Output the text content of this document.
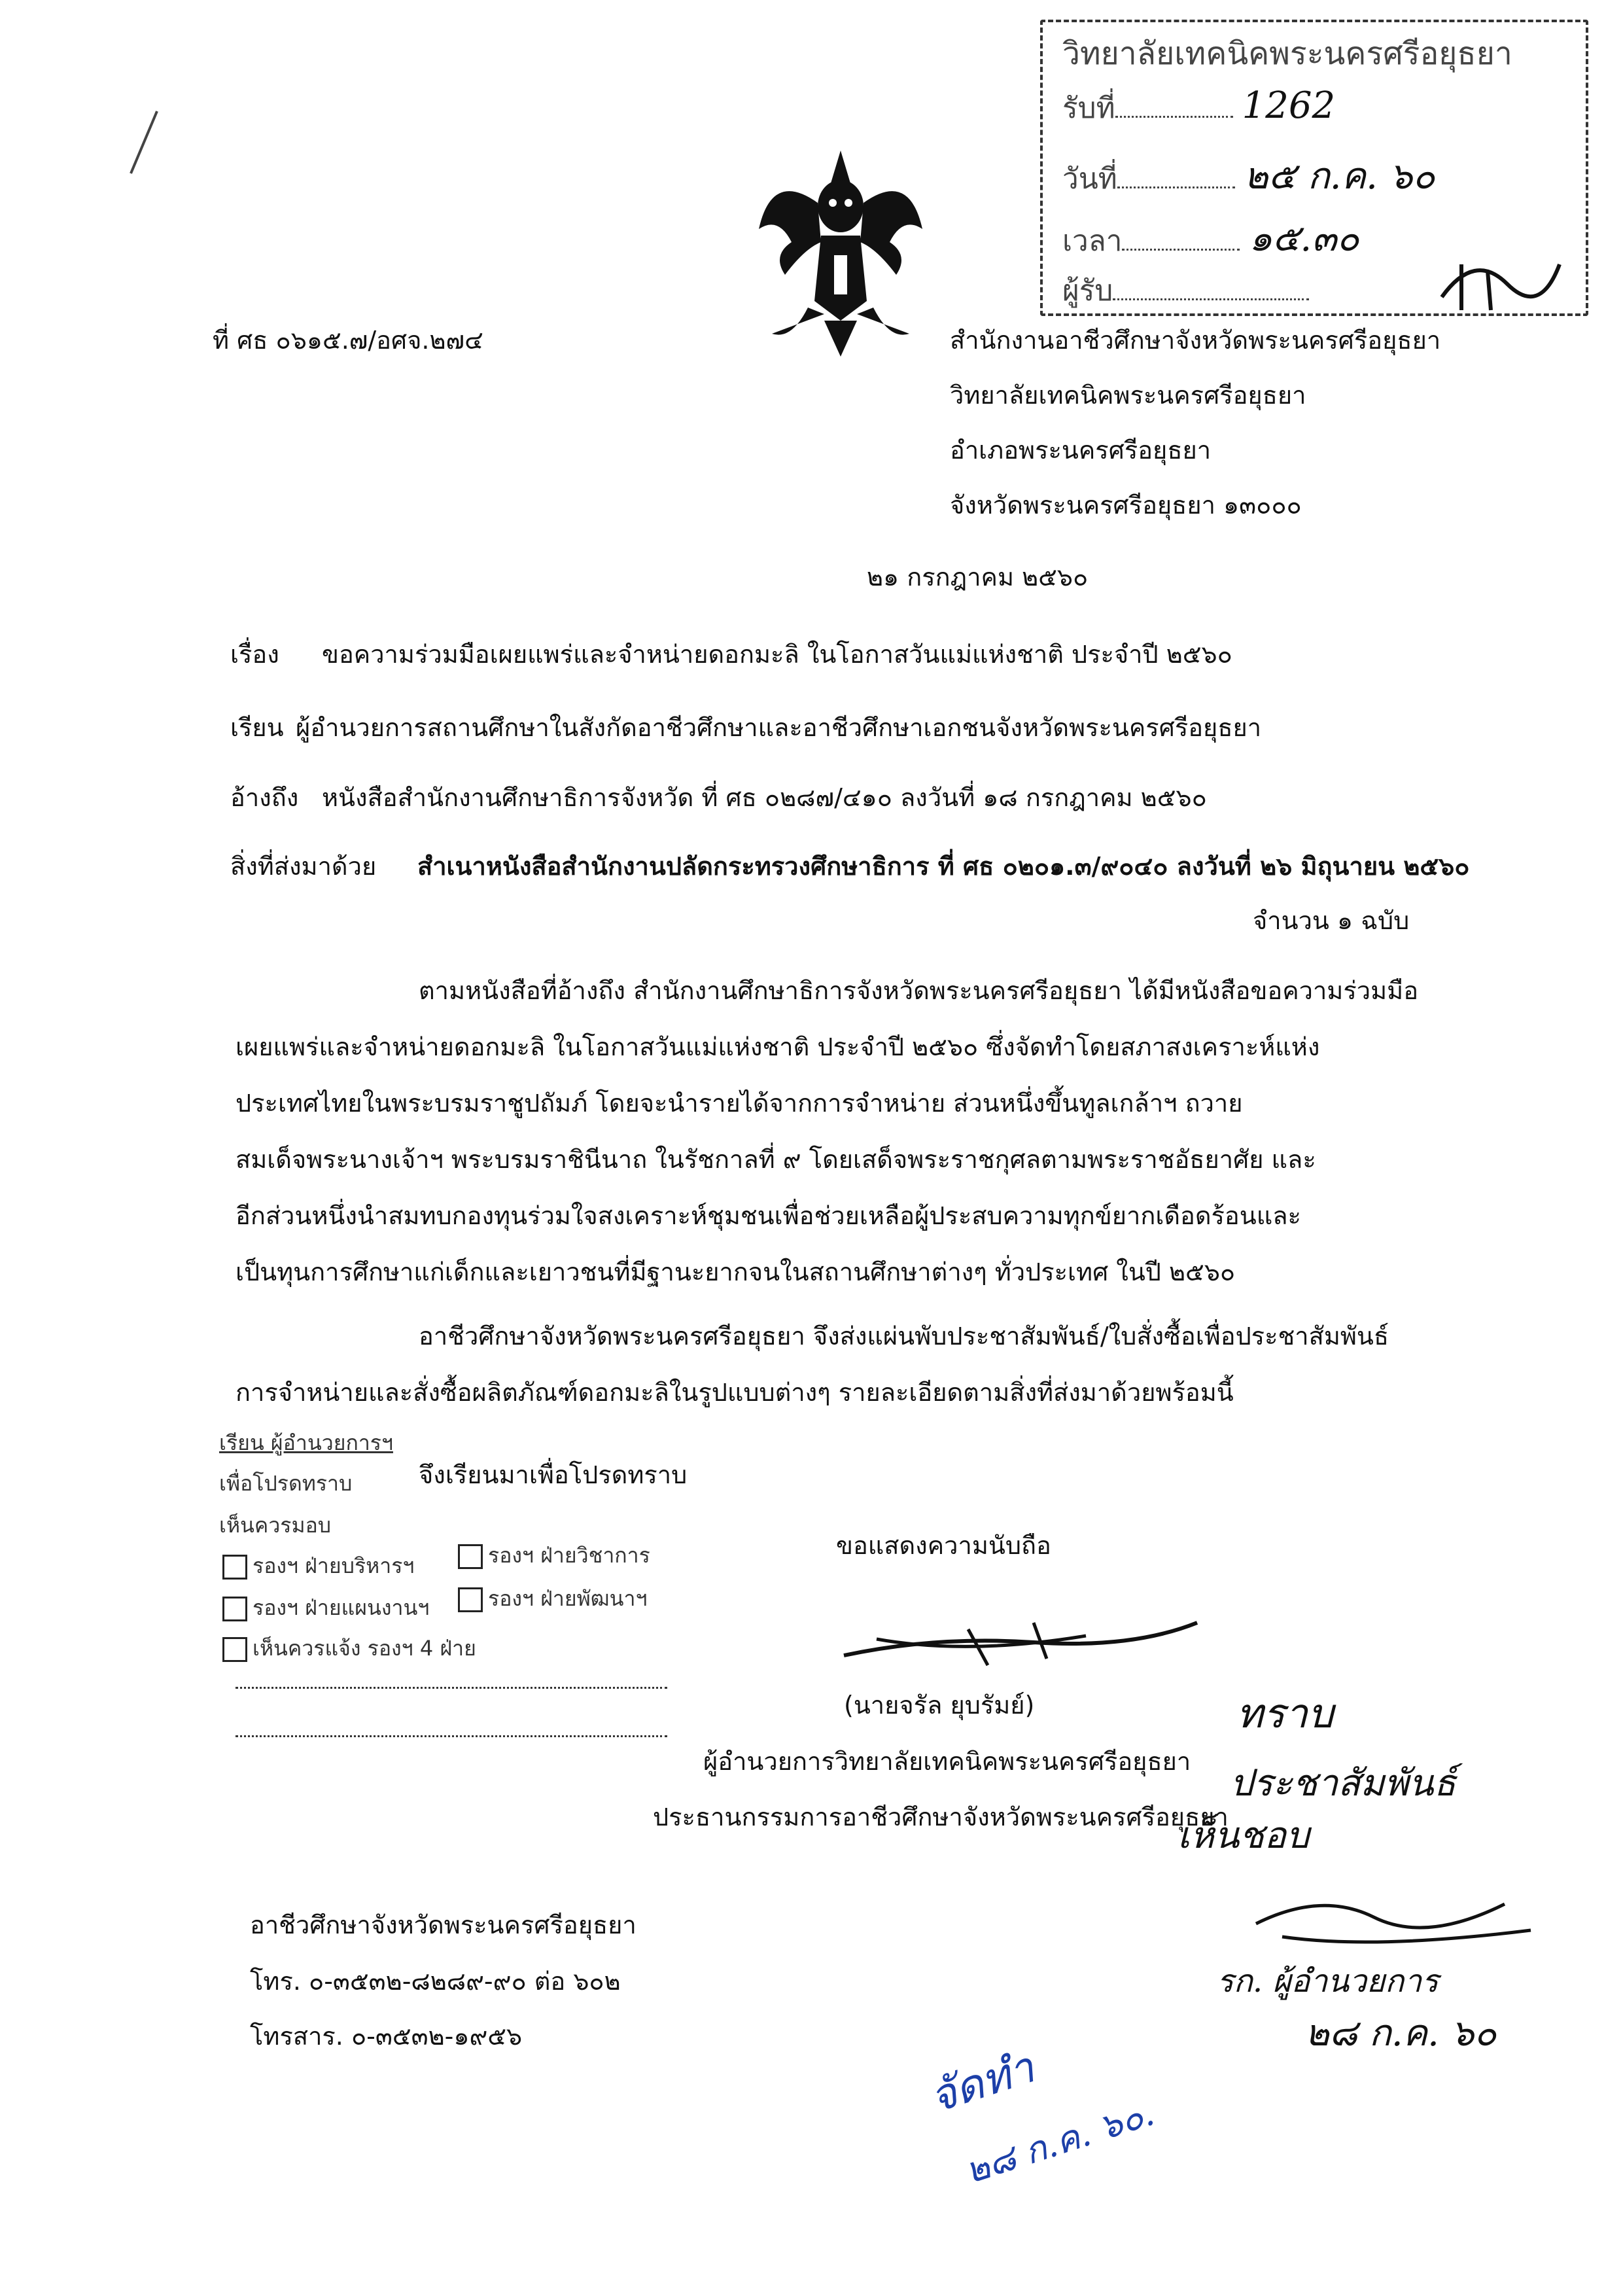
วิทยาลัยเทคนิคพระนครศรีอยุธยา
รับที่	1262
วันที่	๒๕ ก.ค. ๖๐
เวลา	๑๕.๓๐
ผู้รับ
ที่ ศธ ๐๖๑๕.๗/อศจ.๒๗๔	สำนักงานอาชีวศึกษาจังหวัดพระนครศรีอยุธยา
วิทยาลัยเทคนิคพระนครศรีอยุธยา
อำเภอพระนครศรีอยุธยา
จังหวัดพระนครศรีอยุธยา ๑๓๐๐๐
๒๑ กรกฎาคม ๒๕๖๐
เรื่อง ขอความร่วมมือเผยแพร่และจำหน่ายดอกมะลิ ในโอกาสวันแม่แห่งชาติ ประจำปี ๒๕๖๐
เรียน ผู้อำนวยการสถานศึกษาในสังกัดอาชีวศึกษาและอาชีวศึกษาเอกชนจังหวัดพระนครศรีอยุธยา
อ้างถึง หนังสือสำนักงานศึกษาธิการจังหวัด ที่ ศธ ๐๒๘๗/๔๑๐ ลงวันที่ ๑๘ กรกฎาคม ๒๕๖๐
สิ่งที่ส่งมาด้วย สำเนาหนังสือสำนักงานปลัดกระทรวงศึกษาธิการ ที่ ศธ ๐๒๐๑.๓/๙๐๔๐ ลงวันที่ ๒๖ มิถุนายน ๒๕๖๐
จำนวน ๑ ฉบับ
ตามหนังสือที่อ้างถึง สำนักงานศึกษาธิการจังหวัดพระนครศรีอยุธยา ได้มีหนังสือขอความร่วมมือ
เผยแพร่และจำหน่ายดอกมะลิ ในโอกาสวันแม่แห่งชาติ ประจำปี ๒๕๖๐ ซึ่งจัดทำโดยสภาสงเคราะห์แห่ง
ประเทศไทยในพระบรมราชูปถัมภ์ โดยจะนำรายได้จากการจำหน่าย ส่วนหนึ่งขึ้นทูลเกล้าฯ ถวาย
สมเด็จพระนางเจ้าฯ พระบรมราชินีนาถ ในรัชกาลที่ ๙ โดยเสด็จพระราชกุศลตามพระราชอัธยาศัย และ
อีกส่วนหนึ่งนำสมทบกองทุนร่วมใจสงเคราะห์ชุมชนเพื่อช่วยเหลือผู้ประสบความทุกข์ยากเดือดร้อนและ
เป็นทุนการศึกษาแก่เด็กและเยาวชนที่มีฐานะยากจนในสถานศึกษาต่างๆ ทั่วประเทศ ในปี ๒๕๖๐
อาชีวศึกษาจังหวัดพระนครศรีอยุธยา จึงส่งแผ่นพับประชาสัมพันธ์/ใบสั่งซื้อเพื่อประชาสัมพันธ์
การจำหน่ายและสั่งซื้อผลิตภัณฑ์ดอกมะลิในรูปแบบต่างๆ รายละเอียดตามสิ่งที่ส่งมาด้วยพร้อมนี้
เรียน ผู้อำนวยการฯ
เพื่อโปรดทราบ
เห็นควรมอบ
รองฯ ฝ่ายบริหารฯ	รองฯ ฝ่ายวิชาการ
รองฯ ฝ่ายแผนงานฯ	รองฯ ฝ่ายพัฒนาฯ
เห็นควรแจ้ง รองฯ 4 ฝ่าย
จึงเรียนมาเพื่อโปรดทราบ
ขอแสดงความนับถือ
(นายจรัล ยุบรัมย์)
ผู้อำนวยการวิทยาลัยเทคนิคพระนครศรีอยุธยา
ประธานกรรมการอาชีวศึกษาจังหวัดพระนครศรีอยุธยา
ทราบ
ประชาสัมพันธ์
เห็นชอบ
รก. ผู้อำนวยการ
๒๘ ก.ค. ๖๐
อาชีวศึกษาจังหวัดพระนครศรีอยุธยา
โทร. ๐-๓๕๓๒-๘๒๘๙-๙๐ ต่อ ๖๐๒
โทรสาร. ๐-๓๕๓๒-๑๙๕๖
จัดทำ
๒๘ ก.ค. ๖๐.
